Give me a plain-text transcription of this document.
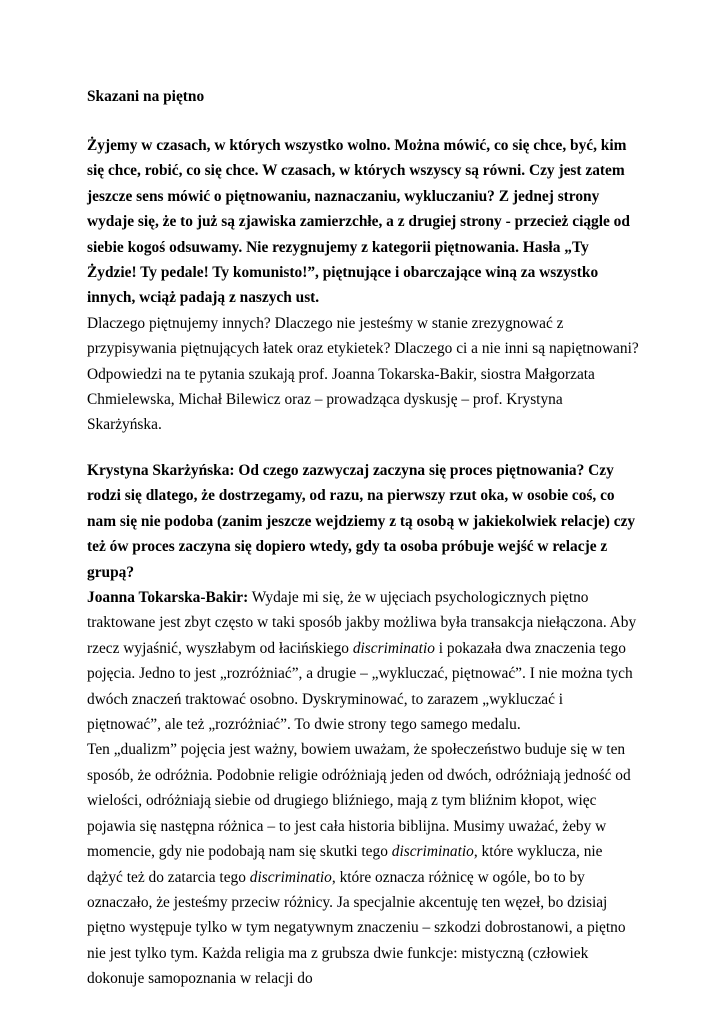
Skazani na piętno

Żyjemy w czasach, w których wszystko wolno. Można mówić, co się chce, być, kim się chce, robić, co się chce. W czasach, w których wszyscy są równi. Czy jest zatem jeszcze sens mówić o piętnowaniu, naznaczaniu, wykluczaniu? Z jednej strony wydaje się, że to już są zjawiska zamierzchłe, a z drugiej strony - przecież ciągle od siebie kogoś odsuwamy. Nie rezygnujemy z kategorii piętnowania. Hasła „Ty Żydzie! Ty pedale! Ty komunisto!”, piętnujące i obarczające winą za wszystko innych, wciąż padają z naszych ust.

Dlaczego piętnujemy innych? Dlaczego nie jesteśmy w stanie zrezygnować z przypisywania piętnujących łatek oraz etykietek? Dlaczego ci a nie inni są napiętnowani? Odpowiedzi na te pytania szukają prof. Joanna Tokarska-Bakir, siostra Małgorzata Chmielewska, Michał Bilewicz oraz – prowadząca dyskusję – prof. Krystyna Skarżyńska.

Krystyna Skarżyńska: Od czego zazwyczaj zaczyna się proces piętnowania? Czy rodzi się dlatego, że dostrzegamy, od razu, na pierwszy rzut oka, w osobie coś, co nam się nie podoba (zanim jeszcze wejdziemy z tą osobą w jakiekolwiek relacje) czy też ów proces zaczyna się dopiero wtedy, gdy ta osoba próbuje wejść w relacje z grupą?

Joanna Tokarska-Bakir: Wydaje mi się, że w ujęciach psychologicznych piętno traktowane jest zbyt często w taki sposób jakby możliwa była transakcja niełączona. Aby rzecz wyjaśnić, wyszłabym od łacińskiego discriminatio i pokazała dwa znaczenia tego pojęcia. Jedno to jest „rozróżniać”, a drugie – „wykluczać, piętnować”. I nie można tych dwóch znaczeń traktować osobno. Dyskryminować, to zarazem „wykluczać i piętnować”, ale też „rozróżniać”. To dwie strony tego samego medalu.

Ten „dualizm” pojęcia jest ważny, bowiem uważam, że społeczeństwo buduje się w ten sposób, że odróżnia. Podobnie religie odróżniają jeden od dwóch, odróżniają jedność od wielości, odróżniają siebie od drugiego bliźniego, mają z tym bliźnim kłopot, więc pojawia się następna różnica – to jest cała historia biblijna. Musimy uważać, żeby w momencie, gdy nie podobają nam się skutki tego discriminatio, które wyklucza, nie dążyć też do zatarcia tego discriminatio, które oznacza różnicę w ogóle, bo to by oznaczało, że jesteśmy przeciw różnicy. Ja specjalnie akcentuję ten węzeł, bo dzisiaj piętno występuje tylko w tym negatywnym znaczeniu – szkodzi dobrostanowi, a piętno nie jest tylko tym. Każda religia ma z grubsza dwie funkcje: mistyczną (człowiek dokonuje samopoznania w relacji do
